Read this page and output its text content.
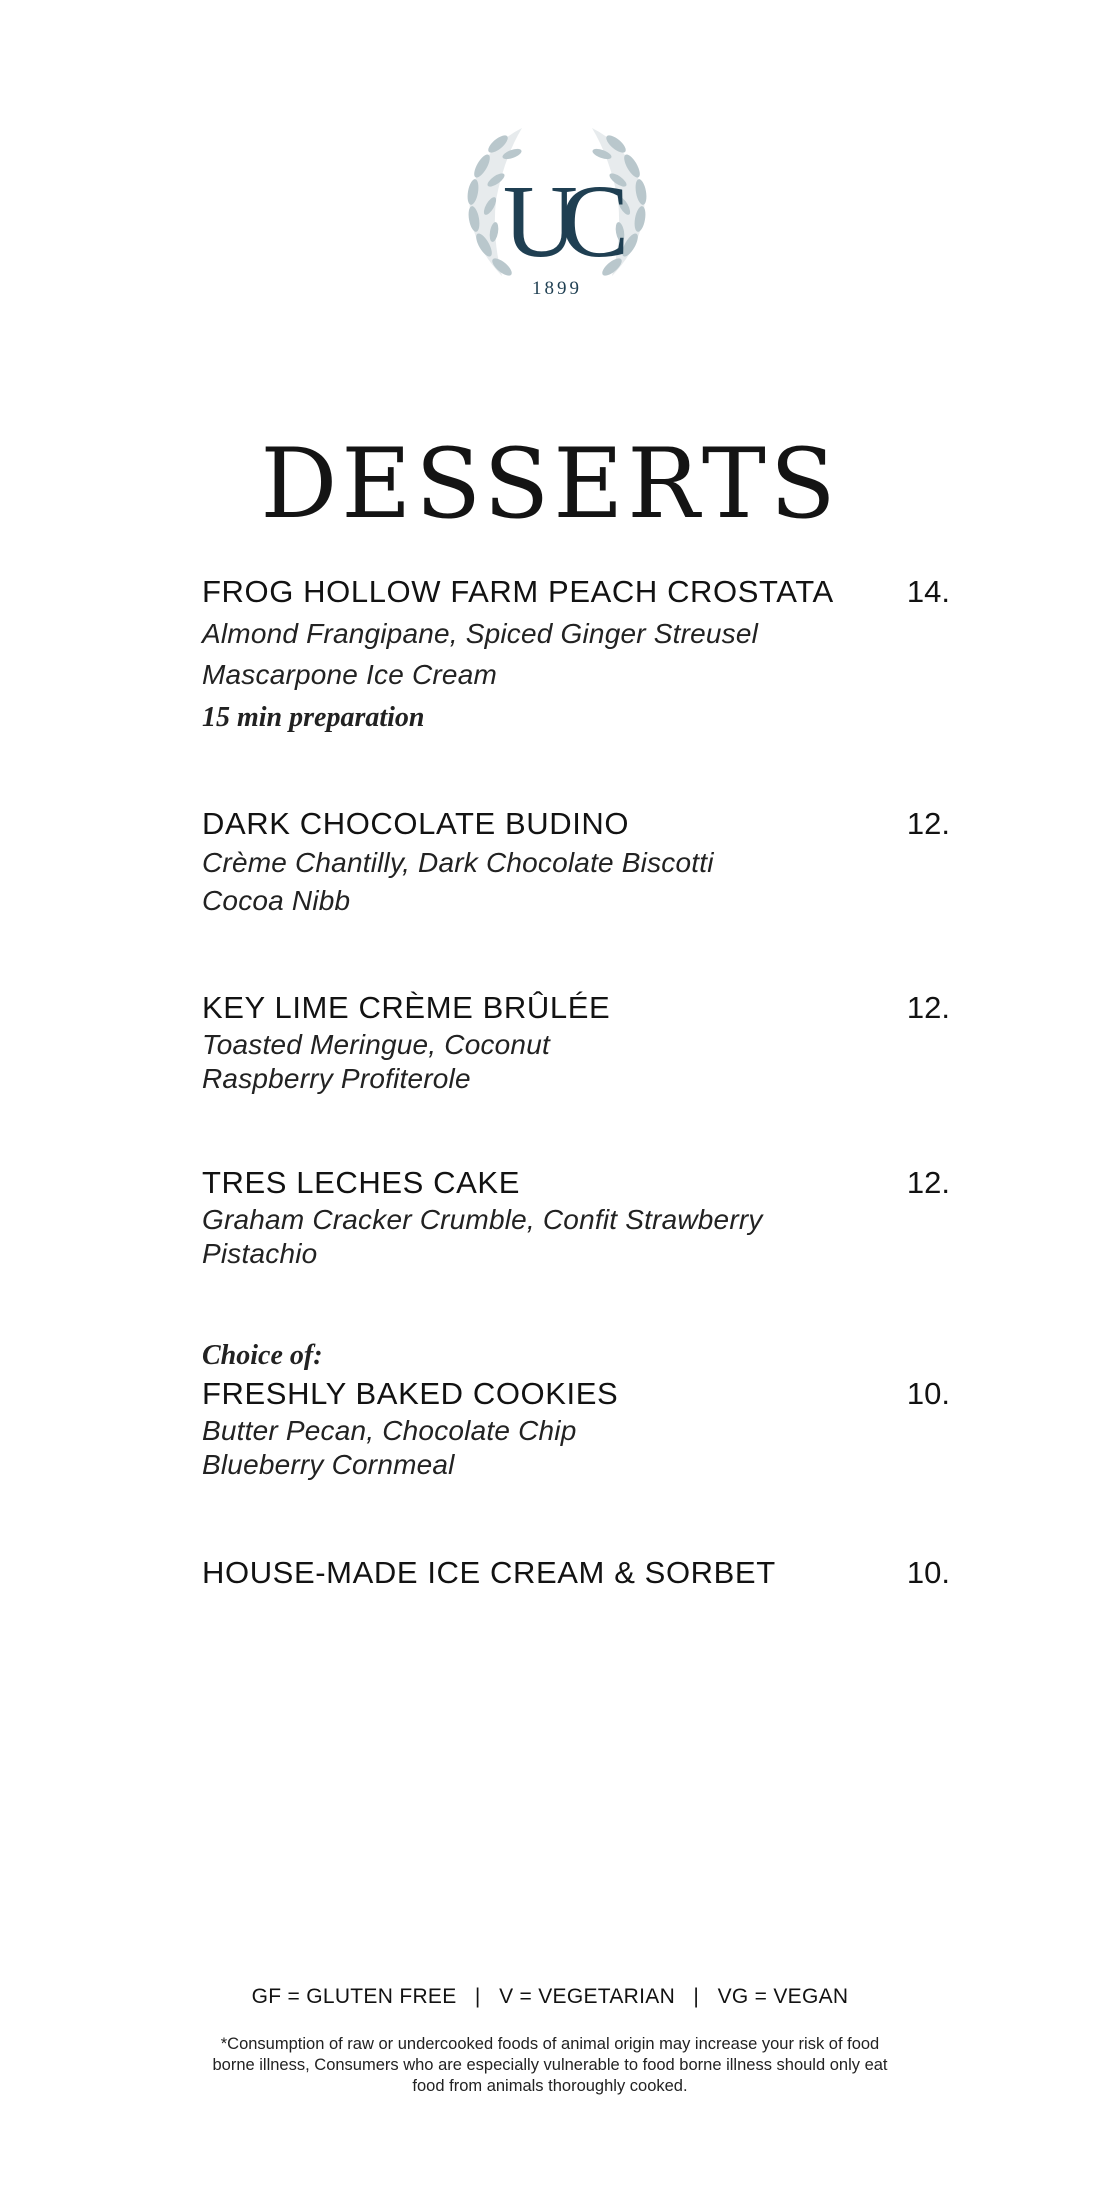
UC
1899
DESSERTS
FROG HOLLOW FARM PEACH CROSTATA	14.
Almond Frangipane, Spiced Ginger Streusel
Mascarpone Ice Cream
15 min preparation
DARK CHOCOLATE BUDINO	12.
Crème Chantilly, Dark Chocolate Biscotti
Cocoa Nibb
KEY LIME CRÈME BRÛLÉE	12.
Toasted Meringue, Coconut
Raspberry Profiterole
TRES LECHES CAKE	12.
Graham Cracker Crumble, Confit Strawberry
Pistachio
Choice of:
FRESHLY BAKED COOKIES	10.
Butter Pecan, Chocolate Chip
Blueberry Cornmeal
HOUSE-MADE ICE CREAM & SORBET	10.
GF = GLUTEN FREE   |   V = VEGETARIAN   |   VG = VEGAN
*Consumption of raw or undercooked foods of animal origin may increase your risk of food borne illness, Consumers who are especially vulnerable to food borne illness should only eat food from animals thoroughly cooked.
